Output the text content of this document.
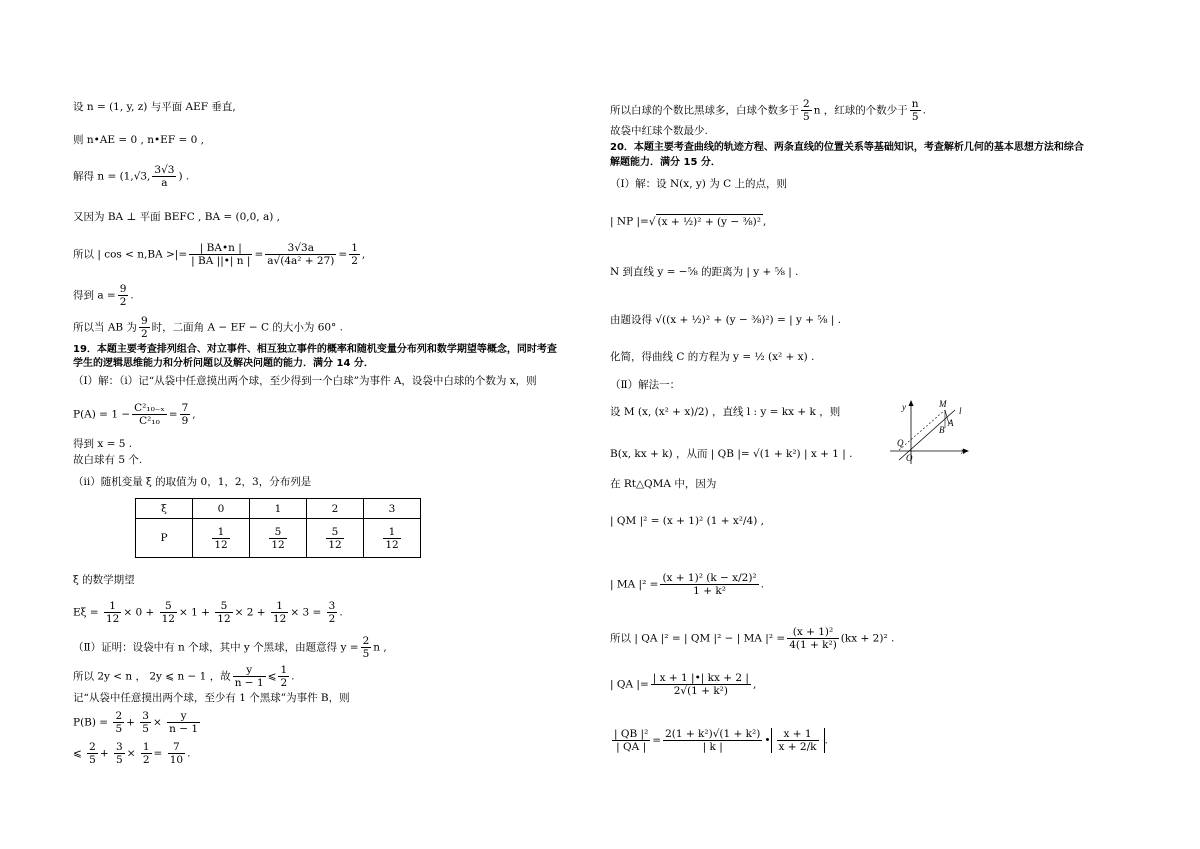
设 n = (1, y, z) 与平面 AEF 垂直,
则 n•AE = 0 , n•EF = 0 ,
解得 n = (1,√3, $\frac{3√3}{a}$ ) .
又因为 BA ⊥ 平面 BEFC , BA = (0,0, a) ,
所以 | cos < n,BA >|= $\frac{| BA•n |}{| BA ||•| n |} = \frac{3√3a}{\text{a√(4a² + 27)}} = \frac{1}{2}$ ,
得到 $a = \frac{9}{2}$ .
所以当 AB 为 $\frac{9}{2}$ 时，二面角 A − EF − C 的大小为 60° .
19．本题主要考查排列组合、对立事件、相互独立事件的概率和随机变量分布列和数学期望等概念，同时考查
学生的逻辑思维能力和分析问题以及解决问题的能力．满分 14 分．
（Ⅰ）解：（i）记“从袋中任意摸出两个球，至少得到一个白球”为事件 A，设袋中白球的个数为 x，则
$P(A) = 1 - \frac{\text{C²₁₀₋ₓ}}{\text{C²₁₀}} = \frac{7}{9}$ ,
得到 x = 5 .
故白球有 5 个.
（ii）随机变量 ξ 的取值为 0，1，2，3，分布列是
ξ	0	1	2	3
P	$\frac{1}{12}$	$\frac{5}{12}$	$\frac{5}{12}$	$\frac{1}{12}$
ξ 的数学期望
$E\xi = \frac{1}{12} \times 0 + \frac{5}{12} \times 1 + \frac{5}{12} \times 2 + \frac{1}{12} \times 3 = \frac{3}{2}$ .
（Ⅱ）证明：设袋中有 n 个球，其中 y 个黑球，由题意得 $y = \frac{2}{5}$ n ,
所以 2y < n ， 2y ⩽ n − 1 ，故 $\frac{y}{n - 1}$ ⩽ $\frac{1}{2}$ .
记“从袋中任意摸出两个球，至少有 1 个黑球”为事件 B，则
$P(B) = \frac{2}{5} + \frac{3}{5} \times \frac{y}{n - 1}$
⩽ $\frac{2}{5} + \frac{3}{5} \times \frac{1}{2} = \frac{7}{10}$ .
所以白球的个数比黑球多，白球个数多于 $\frac{2}{5}$ n ，红球的个数少于 $\frac{n}{5}$ .
故袋中红球个数最少.
20．本题主要考查曲线的轨迹方程、两条直线的位置关系等基础知识，考查解析几何的基本思想方法和综合
解题能力．满分 15 分．
（Ⅰ）解：设 N(x, y) 为 C 上的点，则
| NP |=√ (x + ½)² + (y − ⅜)² ,
N 到直线 y = −⅝ 的距离为 | y + ⅝ | .
由题设得 √((x + ½)² + (y − ⅜)²) = | y + ⅝ | .
化简，得曲线 C 的方程为 y = ½ (x² + x) .
（Ⅱ）解法一：
设 M (x, (x² + x)/2) ，直线 l : y = kx + k ，则
B(x, kx + k) ，从而 | QB |= √(1 + k²) | x + 1 | .
在 Rt△QMA 中，因为
| QM |² = (x + 1)² (1 + x²/4) ,
| MA $|^2 = \frac{\text{(x + 1)² (k − x/2)²}}{\text{1 + k²}}$ .
所以 | QA |² = | QM |² − | MA $|^2 = \frac{\text{(x + 1)²}}{\text{4(1 + k²)}} (kx + 2)^2$ .
| QA |= $\frac{| x + 1 |•| kx + 2 |}{\text{2√(1 + k²)}}$ ,
$\frac{\text{| QB |²}}{| QA |} = \frac{\text{2(1 + k²)√(1 + k²)}}{| k |}$ • $\frac{x + 1}{x + 2/k}$ .
y
x
M
l
A
B
Q
O
